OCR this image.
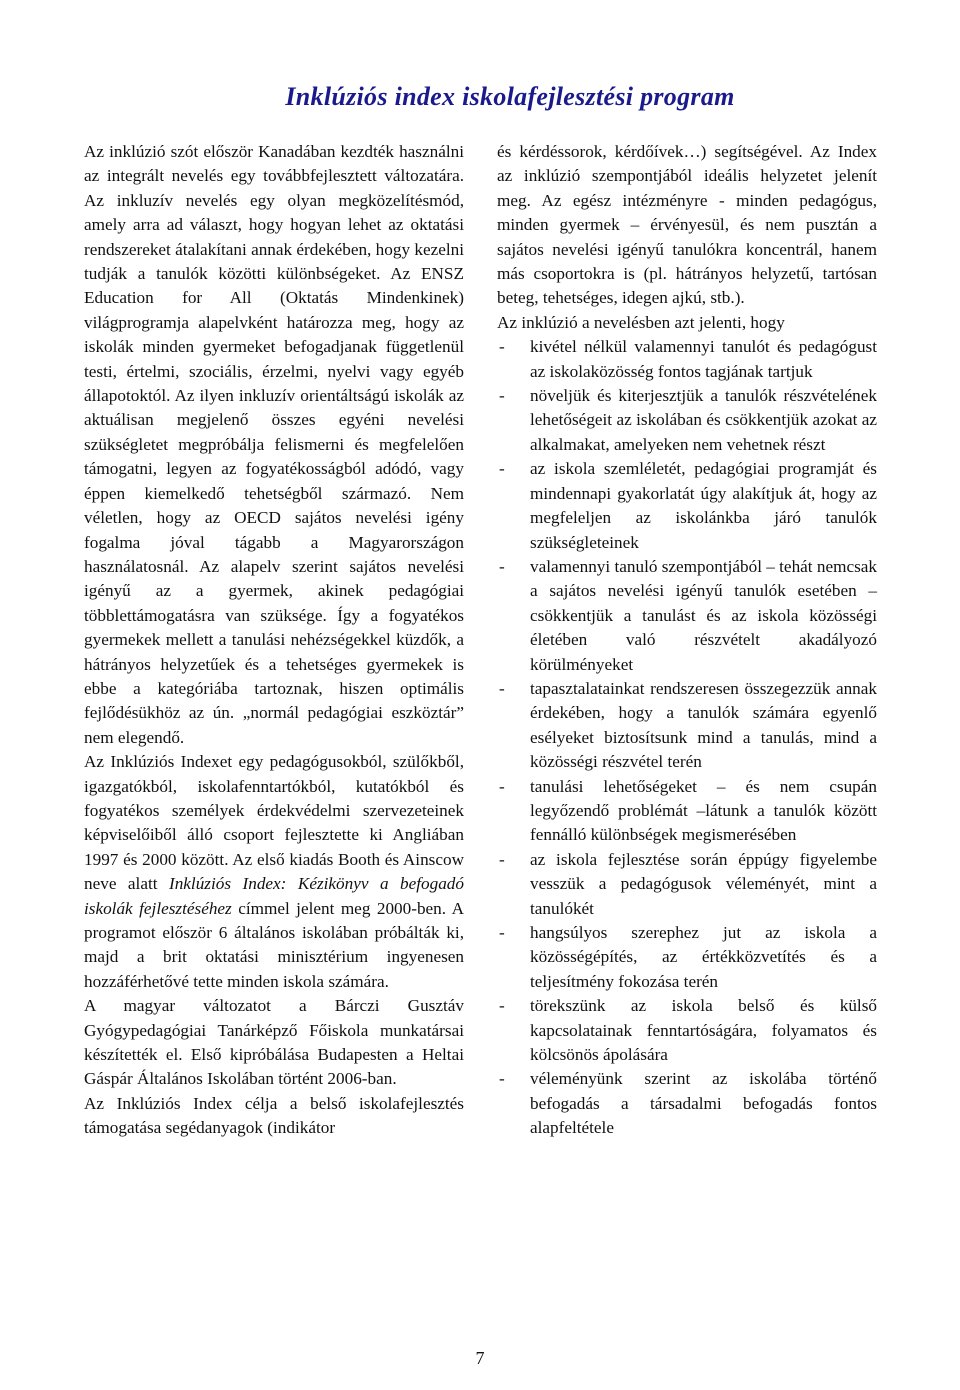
Inklúziós index iskolafejlesztési program

Az inklúzió szót először Kanadában kezdték használni az integrált nevelés egy továbbfejlesztett változatára. Az inkluzív nevelés egy olyan megközelítésmód, amely arra ad választ, hogy hogyan lehet az oktatási rendszereket átalakítani annak érdekében, hogy kezelni tudják a tanulók közötti különbségeket. Az ENSZ Education for All (Oktatás Mindenkinek) világprogramja alapelvként határozza meg, hogy az iskolák minden gyermeket befogadjanak függetlenül testi, értelmi, szociális, érzelmi, nyelvi vagy egyéb állapotoktól. Az ilyen inkluzív orientáltságú iskolák az aktuálisan megjelenő összes egyéni nevelési szükségletet megpróbálja felismerni és megfelelően támogatni, legyen az fogyatékosságból adódó, vagy éppen kiemelkedő tehetségből származó. Nem véletlen, hogy az OECD sajátos nevelési igény fogalma jóval tágabb a Magyarországon használatosnál. Az alapelv szerint sajátos nevelési igényű az a gyermek, akinek pedagógiai többlettámogatásra van szüksége. Így a fogyatékos gyermekek mellett a tanulási nehézségekkel küzdők, a hátrányos helyzetűek és a tehetséges gyermekek is ebbe a kategóriába tartoznak, hiszen optimális fejlődésükhöz az ún. „normál pedagógiai eszköztár” nem elegendő.

Az Inklúziós Indexet egy pedagógusokból, szülőkből, igazgatókból, iskolafenntartókból, kutatókból és fogyatékos személyek érdekvédelmi szervezeteinek képviselőiből álló csoport fejlesztette ki Angliában 1997 és 2000 között. Az első kiadás Booth és Ainscow neve alatt Inklúziós Index: Kézikönyv a befogadó iskolák fejlesztéséhez címmel jelent meg 2000-ben. A programot először 6 általános iskolában próbálták ki, majd a brit oktatási minisztérium ingyenesen hozzáférhetővé tette minden iskola számára.

A magyar változatot a Bárczi Gusztáv Gyógypedagógiai Tanárképző Főiskola munkatársai készítették el. Első kipróbálása Budapesten a Heltai Gáspár Általános Iskolában történt 2006-ban.

Az Inklúziós Index célja a belső iskolafejlesztés támogatása segédanyagok (indikátor

és kérdéssorok, kérdőívek…) segítségével. Az Index az inklúzió szempontjából ideális helyzetet jelenít meg. Az egész intézményre - minden pedagógus, minden gyermek – érvényesül, és nem pusztán a sajátos nevelési igényű tanulókra koncentrál, hanem más csoportokra is (pl. hátrányos helyzetű, tartósan beteg, tehetséges, idegen ajkú, stb.).

Az inklúzió a nevelésben azt jelenti, hogy

- kivétel nélkül valamennyi tanulót és pedagógust az iskolaközösség fontos tagjának tartjuk
- növeljük és kiterjesztjük a tanulók részvételének lehetőségeit az iskolában és csökkentjük azokat az alkalmakat, amelyeken nem vehetnek részt
- az iskola szemléletét, pedagógiai programját és mindennapi gyakorlatát úgy alakítjuk át, hogy az megfeleljen az iskolánkba járó tanulók szükségleteinek
- valamennyi tanuló szempontjából – tehát nemcsak a sajátos nevelési igényű tanulók esetében – csökkentjük a tanulást és az iskola közösségi életében való részvételt akadályozó körülményeket
- tapasztalatainkat rendszeresen összegezzük annak érdekében, hogy a tanulók számára egyenlő esélyeket biztosítsunk mind a tanulás, mind a közösségi részvétel terén
- tanulási lehetőségeket – és nem csupán legyőzendő problémát –látunk a tanulók között fennálló különbségek megismerésében
- az iskola fejlesztése során éppúgy figyelembe vesszük a pedagógusok véleményét, mint a tanulókét
- hangsúlyos szerephez jut az iskola a közösségépítés, az értékközvetítés és a teljesítmény fokozása terén
- törekszünk az iskola belső és külső kapcsolatainak fenntartóságára, folyamatos és kölcsönös ápolására
- véleményünk szerint az iskolába történő befogadás a társadalmi befogadás fontos alapfeltétele
7
